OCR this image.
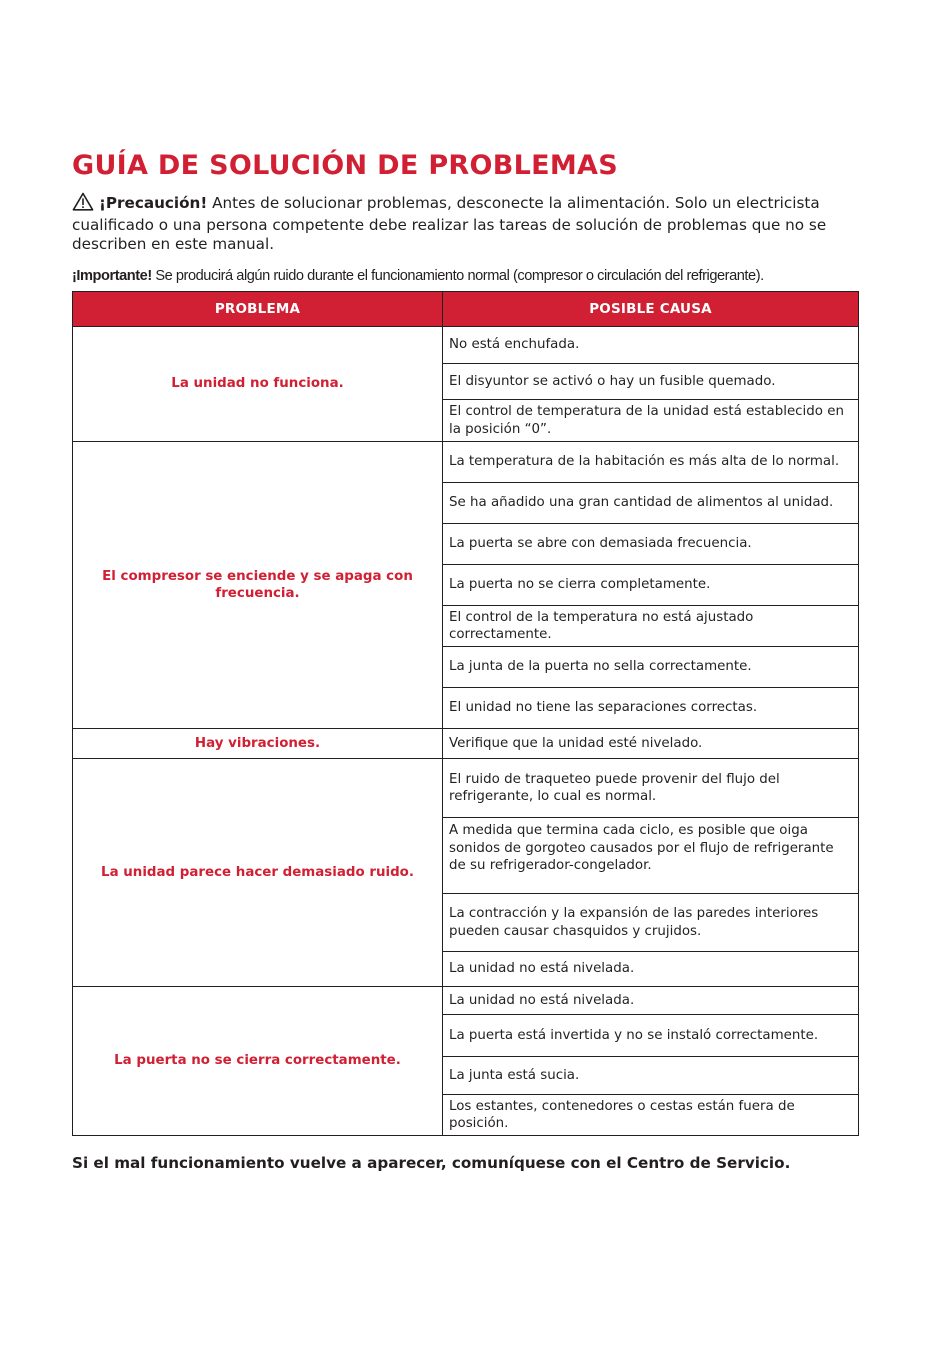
GUÍA DE SOLUCIÓN DE PROBLEMAS
¡Precaución! Antes de solucionar problemas, desconecte la alimentación. Solo un electricista cualificado o una persona competente debe realizar las tareas de solución de problemas que no se describen en este manual.
¡Importante! Se producirá algún ruido durante el funcionamiento normal (compresor o circulación del refrigerante).
PROBLEMA	POSIBLE CAUSA
La unidad no funciona.	No está enchufada.
	El disyuntor se activó o hay un fusible quemado.
	El control de temperatura de la unidad está establecido en la posición “0”.
El compresor se enciende y se apaga con frecuencia.	La temperatura de la habitación es más alta de lo normal.
	Se ha añadido una gran cantidad de alimentos al unidad.
	La puerta se abre con demasiada frecuencia.
	La puerta no se cierra completamente.
	El control de la temperatura no está ajustado correctamente.
	La junta de la puerta no sella correctamente.
	El unidad no tiene las separaciones correctas.
Hay vibraciones.	Verifique que la unidad esté nivelado.
La unidad parece hacer demasiado ruido.	El ruido de traqueteo puede provenir del flujo del refrigerante, lo cual es normal.
	A medida que termina cada ciclo, es posible que oiga sonidos de gorgoteo causados por el flujo de refrigerante de su refrigerador-congelador.
	La contracción y la expansión de las paredes interiores pueden causar chasquidos y crujidos.
	La unidad no está nivelada.
La puerta no se cierra correctamente.	La unidad no está nivelada.
	La puerta está invertida y no se instaló correctamente.
	La junta está sucia.
	Los estantes, contenedores o cestas están fuera de posición.

Si el mal funcionamiento vuelve a aparecer, comuníquese con el Centro de Servicio.
